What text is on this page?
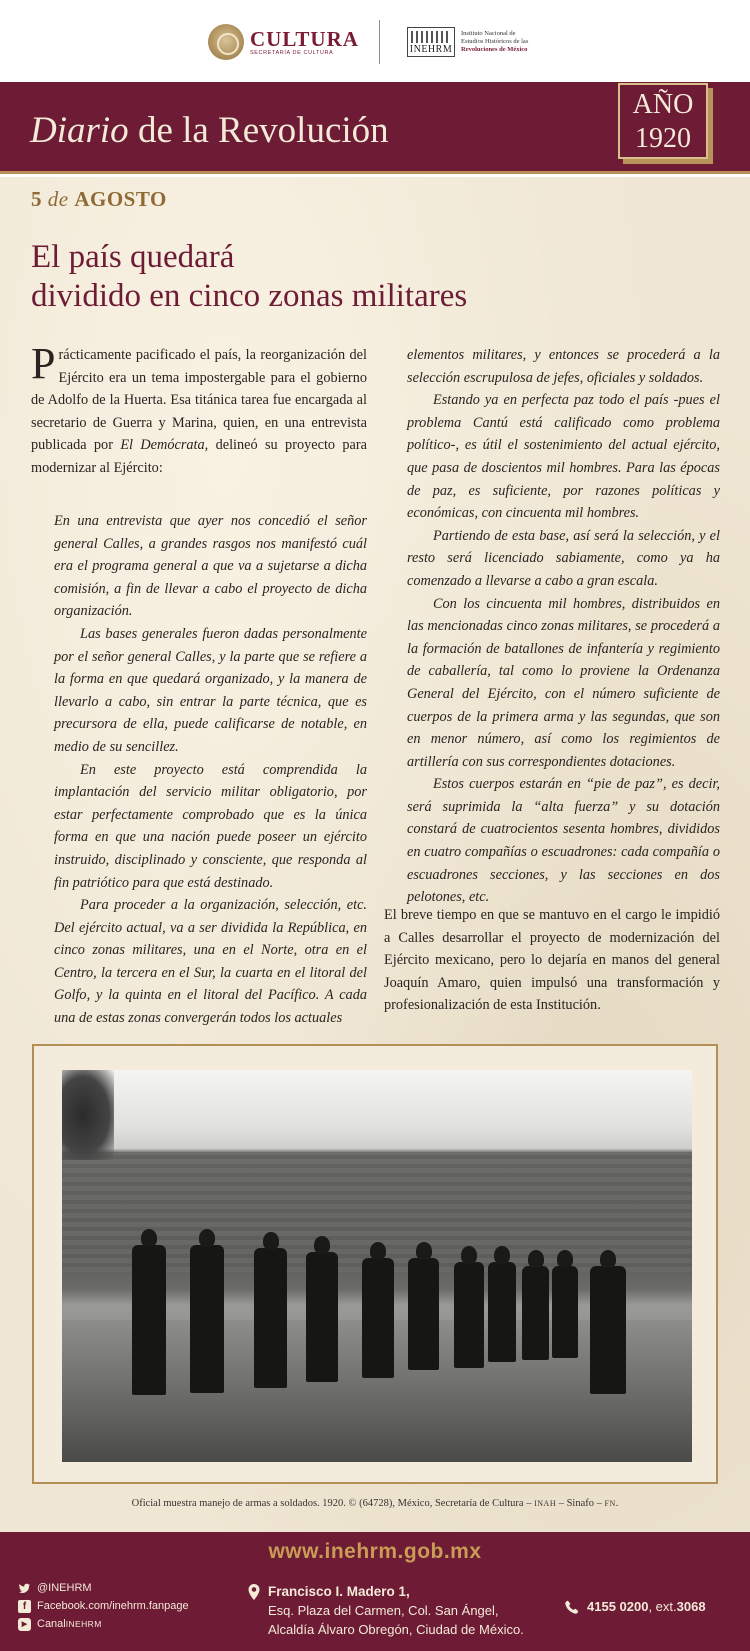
CULTURA
SECRETARÍA DE CULTURA	INEHRM
Instituto Nacional de
Estudios Históricos de las
Revoluciones de México
Diario de la Revolución
AÑO
1920
5 de AGOSTO
El país quedará
dividido en cinco zonas militares

Prácticamente pacificado el país, la reorganización del Ejército era un tema impostergable para el gobierno de Adolfo de la Huerta. Esa titánica tarea fue encargada al secretario de Guerra y Marina, quien, en una entrevista publicada por El Demócrata, delineó su proyecto para modernizar al Ejército:

En una entrevista que ayer nos concedió el señor general Calles, a grandes rasgos nos manifestó cuál era el programa general a que va a sujetarse a dicha comisión, a fin de llevar a cabo el proyecto de dicha organización.

Las bases generales fueron dadas personalmente por el señor general Calles, y la parte que se refiere a la forma en que quedará organizado, y la manera de llevarlo a cabo, sin entrar la parte técnica, que es precursora de ella, puede calificarse de notable, en medio de su sencillez.

En este proyecto está comprendida la implantación del servicio militar obligatorio, por estar perfectamente comprobado que es la única forma en que una nación puede poseer un ejército instruido, disciplinado y consciente, que responda al fin patriótico para que está destinado.

Para proceder a la organización, selección, etc. Del ejército actual, va a ser dividida la República, en cinco zonas militares, una en el Norte, otra en el Centro, la tercera en el Sur, la cuarta en el litoral del Golfo, y la quinta en el litoral del Pacífico. A cada una de estas zonas convergerán todos los actuales

elementos militares, y entonces se procederá a la selección escrupulosa de jefes, oficiales y soldados.

Estando ya en perfecta paz todo el país -pues el problema Cantú está calificado como problema político-, es útil el sostenimiento del actual ejército, que pasa de doscientos mil hombres. Para las épocas de paz, es suficiente, por razones políticas y económicas, con cincuenta mil hombres.

Partiendo de esta base, así será la selección, y el resto será licenciado sabiamente, como ya ha comenzado a llevarse a cabo a gran escala.

Con los cincuenta mil hombres, distribuidos en las mencionadas cinco zonas militares, se procederá a la formación de batallones de infantería y regimiento de caballería, tal como lo proviene la Ordenanza General del Ejército, con el número suficiente de cuerpos de la primera arma y las segundas, que son en menor número, así como los regimientos de artillería con sus correspondientes dotaciones.

Estos cuerpos estarán en “pie de paz”, es decir, será suprimida la “alta fuerza” y su dotación constará de cuatrocientos sesenta hombres, divididos en cuatro compañías o escuadrones: cada compañía o escuadrones secciones, y las secciones en dos pelotones, etc.

El breve tiempo en que se mantuvo en el cargo le impidió a Calles desarrollar el proyecto de modernización del Ejército mexicano, pero lo dejaría en manos del general Joaquín Amaro, quien impulsó una transformación y profesionalización de esta Institución.

Oficial muestra manejo de armas a soldados. 1920. © (64728), México, Secretaría de Cultura – INAH – Sinafo – FN.
www.inehrm.gob.mx
@INEHRM
f Facebook.com/inehrm.fanpage
▶ Canal INEHRM
Francisco I. Madero 1,
Esq. Plaza del Carmen, Col. San Ángel,
Alcaldía Álvaro Obregón, Ciudad de México.
4155 0200 , ext. 3068
